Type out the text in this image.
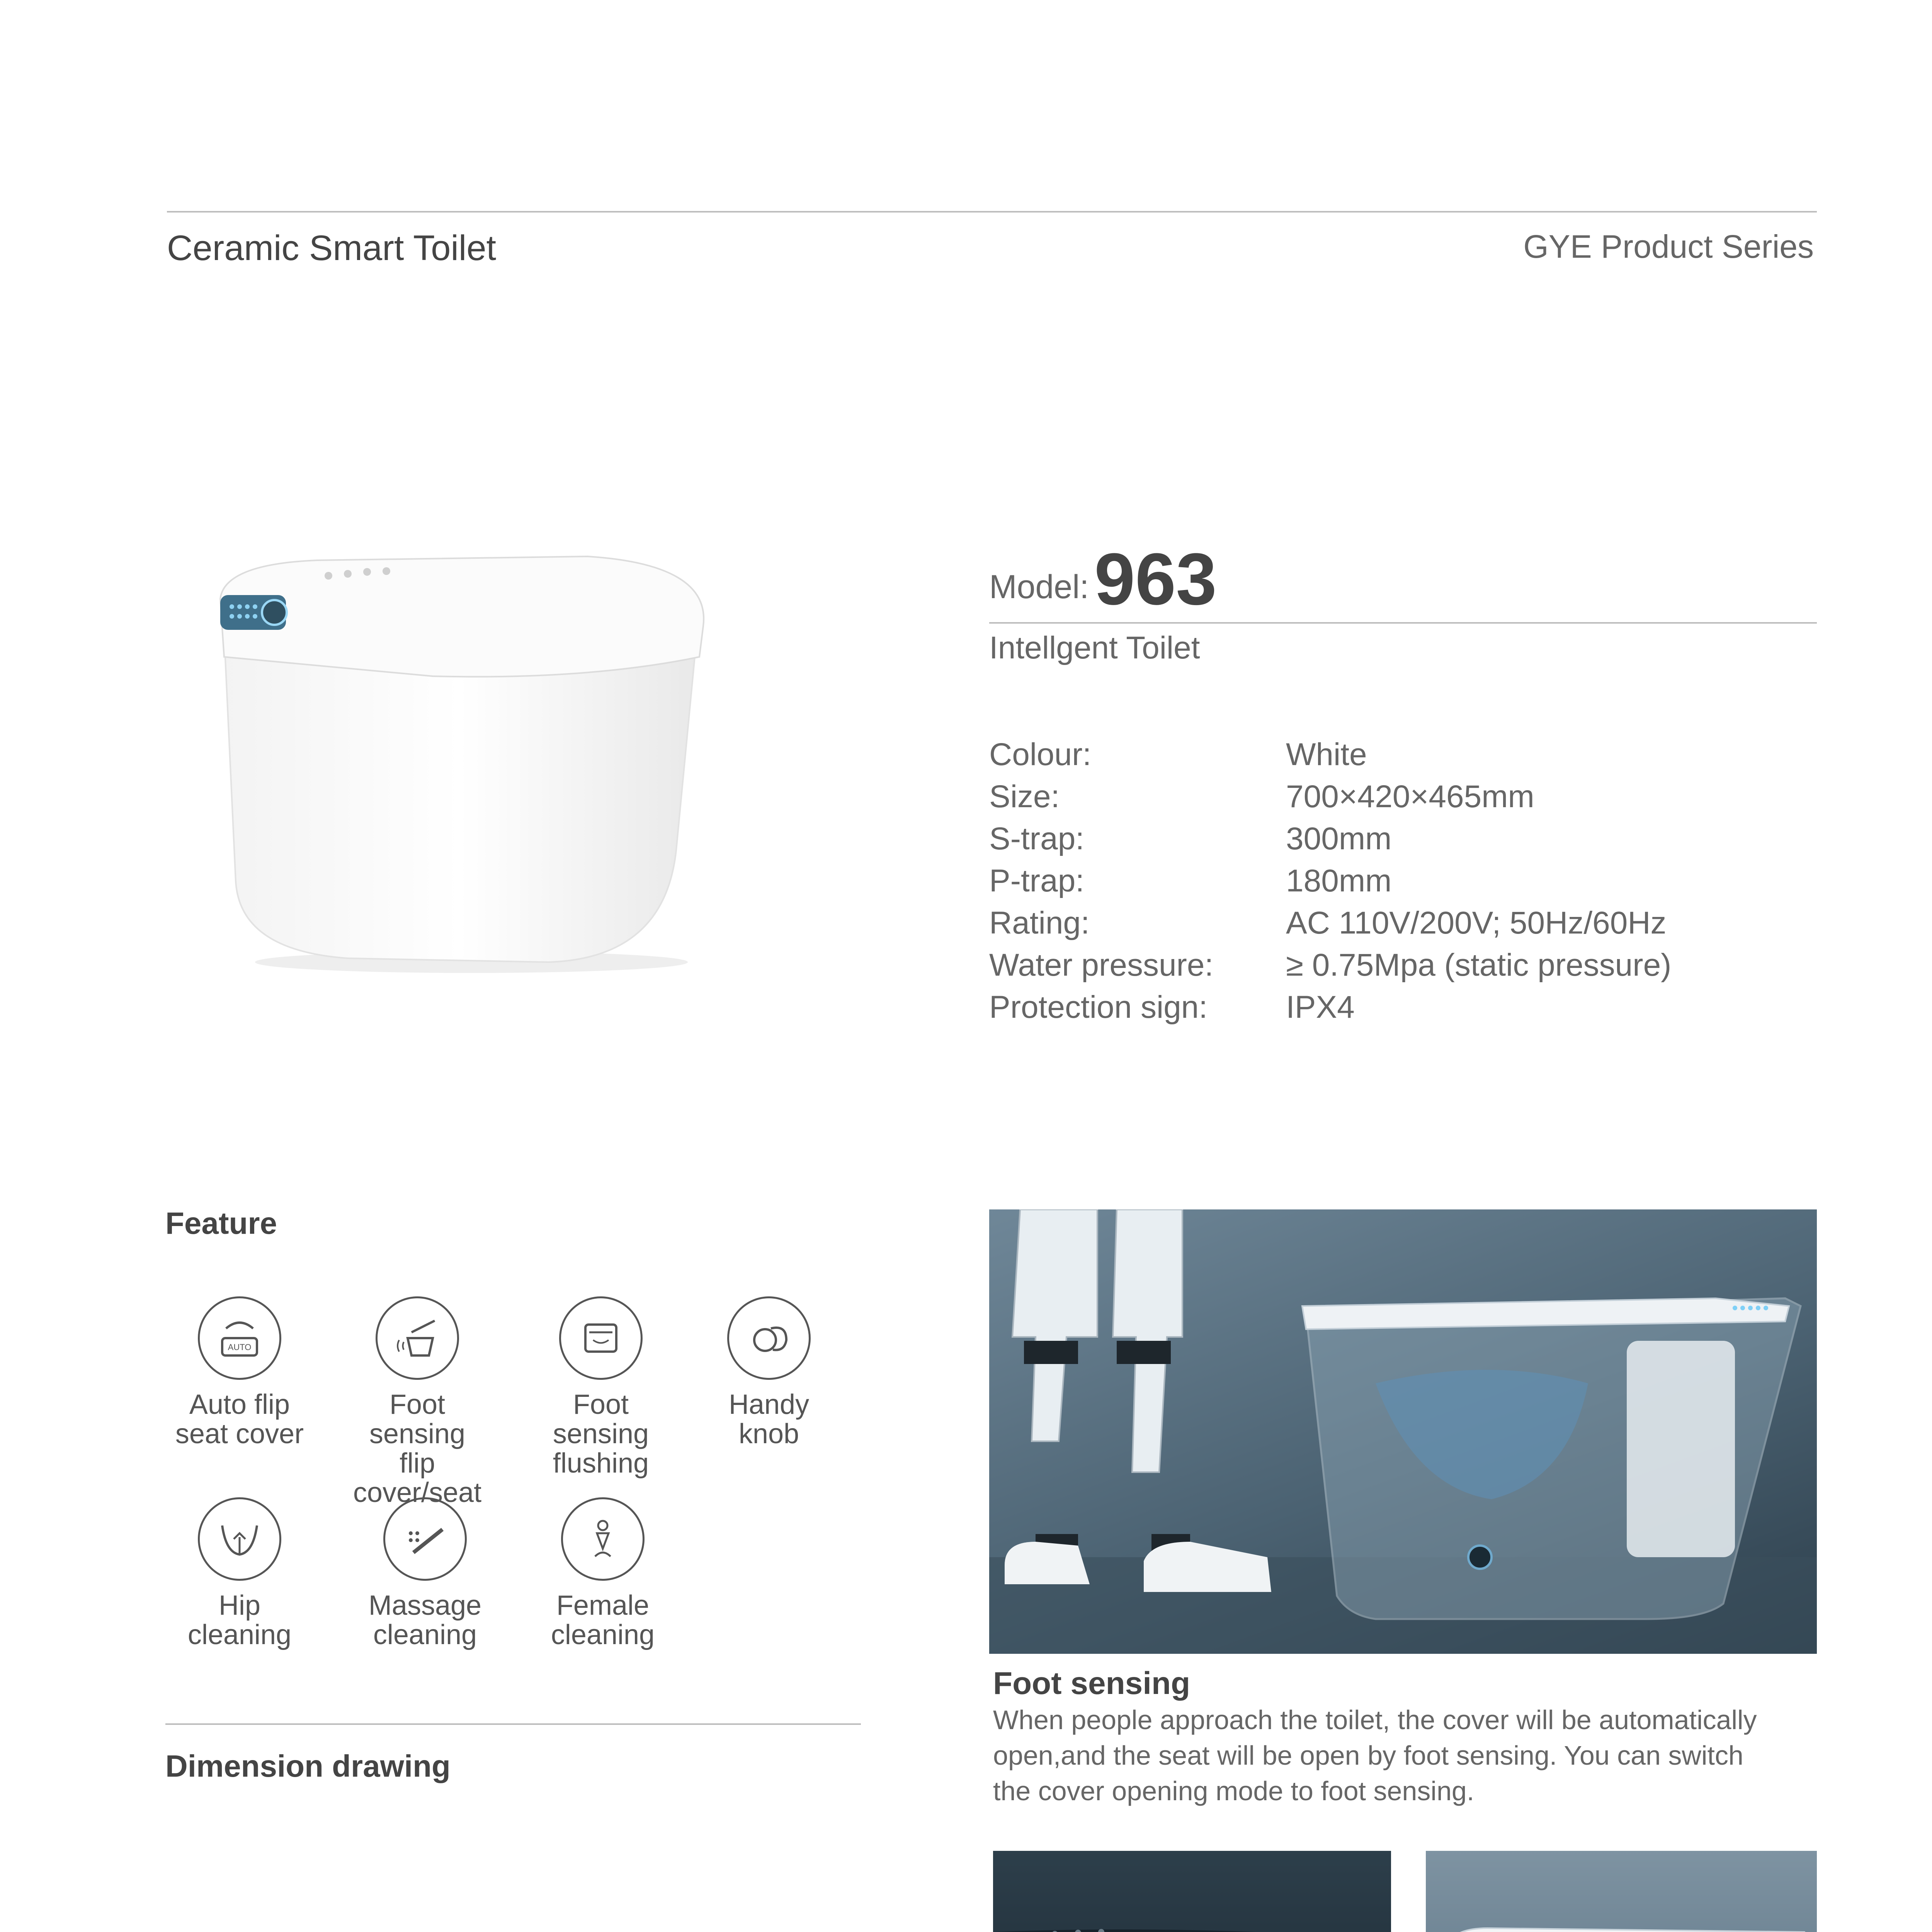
Ceramic Smart Toilet	GYE Product Series
Model: 963
Intellgent Toilet
Colour:	White
Size:	700×420×465mm
S-trap:	300mm
P-trap:	180mm
Rating:	AC 110V/200V; 50Hz/60Hz
Water pressure:	≥ 0.75Mpa (static pressure)
Protection sign:	IPX4
Feature
AUTO
Auto flip
seat cover
Foot sensing
flip cover/seat
Foot sensing
flushing
Handy
knob
Hip
cleaning
Massage
cleaning
Female
cleaning
Dimension drawing
Foot sensing
When people approach the toilet, the cover will be automatically
open,and the seat will be open by foot sensing. You can switch
the cover opening mode to foot sensing.
